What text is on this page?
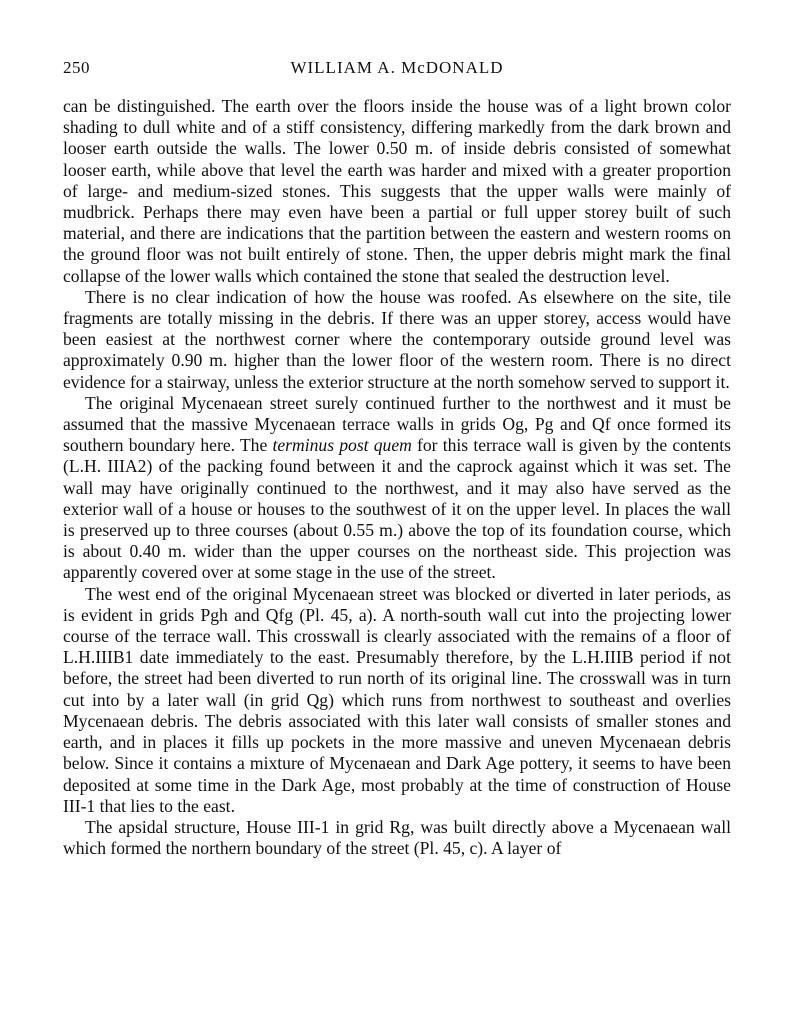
250	WILLIAM A. McDONALD

can be distinguished. The earth over the floors inside the house was of a light brown color shading to dull white and of a stiff consistency, differing markedly from the dark brown and looser earth outside the walls. The lower 0.50 m. of inside debris consisted of somewhat looser earth, while above that level the earth was harder and mixed with a greater proportion of large- and medium-sized stones. This suggests that the upper walls were mainly of mudbrick. Perhaps there may even have been a partial or full upper storey built of such material, and there are indications that the partition between the eastern and western rooms on the ground floor was not built entirely of stone. Then, the upper debris might mark the final collapse of the lower walls which contained the stone that sealed the destruction level.

There is no clear indication of how the house was roofed. As elsewhere on the site, tile fragments are totally missing in the debris. If there was an upper storey, access would have been easiest at the northwest corner where the contemporary outside ground level was approximately 0.90 m. higher than the lower floor of the western room. There is no direct evidence for a stairway, unless the exterior structure at the north somehow served to support it.

The original Mycenaean street surely continued further to the northwest and it must be assumed that the massive Mycenaean terrace walls in grids Og, Pg and Qf once formed its southern boundary here. The terminus post quem for this terrace wall is given by the contents (L.H. IIIA2) of the packing found between it and the caprock against which it was set. The wall may have originally continued to the northwest, and it may also have served as the exterior wall of a house or houses to the southwest of it on the upper level. In places the wall is preserved up to three courses (about 0.55 m.) above the top of its foundation course, which is about 0.40 m. wider than the upper courses on the northeast side. This projection was apparently covered over at some stage in the use of the street.

The west end of the original Mycenaean street was blocked or diverted in later periods, as is evident in grids Pgh and Qfg (Pl. 45, a). A north-south wall cut into the projecting lower course of the terrace wall. This crosswall is clearly associated with the remains of a floor of L.H.IIIB1 date immediately to the east. Presumably therefore, by the L.H.IIIB period if not before, the street had been diverted to run north of its original line. The crosswall was in turn cut into by a later wall (in grid Qg) which runs from northwest to southeast and overlies Mycenaean debris. The debris associated with this later wall consists of smaller stones and earth, and in places it fills up pockets in the more massive and uneven Mycenaean debris below. Since it contains a mixture of Mycenaean and Dark Age pottery, it seems to have been deposited at some time in the Dark Age, most probably at the time of construction of House III-1 that lies to the east.

The apsidal structure, House III-1 in grid Rg, was built directly above a Mycenaean wall which formed the northern boundary of the street (Pl. 45, c). A layer of
